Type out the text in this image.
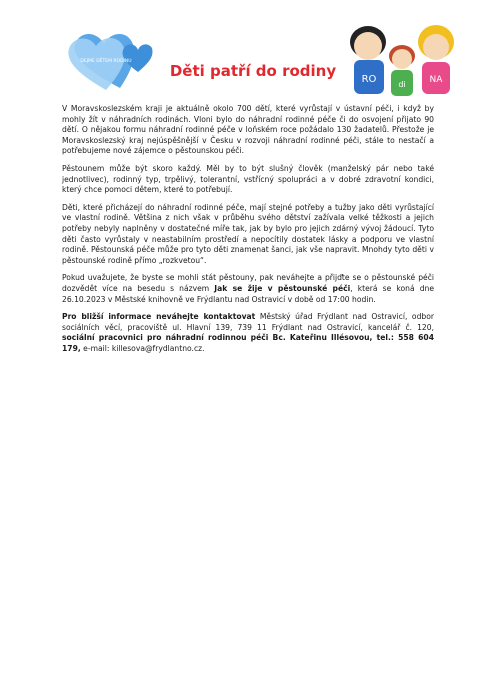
DEJME DĚTEM RODINU
Děti patří do rodiny	RO	di	NA

V Moravskoslezském kraji je aktuálně okolo 700 dětí, které vyrůstají v ústavní péči, i když by mohly žít v náhradních rodinách. Vloni bylo do náhradní rodinné péče či do osvojení přijato 90 dětí. O nějakou formu náhradní rodinné péče v loňském roce požádalo 130 žadatelů. Přestože je Moravskoslezský kraj nejúspěšnější v Česku v rozvoji náhradní rodinné péči, stále to nestačí a potřebujeme nové zájemce o pěstounskou péči.

Pěstounem může být skoro každý. Měl by to být slušný člověk (manželský pár nebo také jednotlivec), rodinný typ, trpělivý, tolerantní, vstřícný spolupráci a v dobré zdravotní kondici, který chce pomoci dětem, které to potřebují.

Děti, které přicházejí do náhradní rodinné péče, mají stejné potřeby a tužby jako děti vyrůstající ve vlastní rodině. Většina z nich však v průběhu svého dětství zažívala velké těžkosti a jejich potřeby nebyly naplněny v dostatečné míře tak, jak by bylo pro jejich zdárný vývoj žádoucí. Tyto děti často vyrůstaly v neastabilním prostředí a nepocítily dostatek lásky a podporu ve vlastní rodině. Pěstounská péče může pro tyto děti znamenat šanci, jak vše napravit. Mnohdy tyto děti v pěstounské rodině přímo „rozkvetou“.

Pokud uvažujete, že byste se mohli stát pěstouny, pak neváhejte a přijďte se o pěstounské péči dozvědět více na besedu s názvem Jak se žije v pěstounské péči, která se koná dne 26.10.2023 v Městské knihovně ve Frýdlantu nad Ostravicí v době od 17:00 hodin.

Pro bližší informace neváhejte kontaktovat Městský úřad Frýdlant nad Ostravicí, odbor sociálních věcí, pracoviště ul. Hlavní 139, 739 11 Frýdlant nad Ostravicí, kancelář č. 120, sociální pracovnici pro náhradní rodinnou péči Bc. Kateřinu Illésovou, tel.: 558 604 179, e-mail: killesova@frydlantno.cz.
